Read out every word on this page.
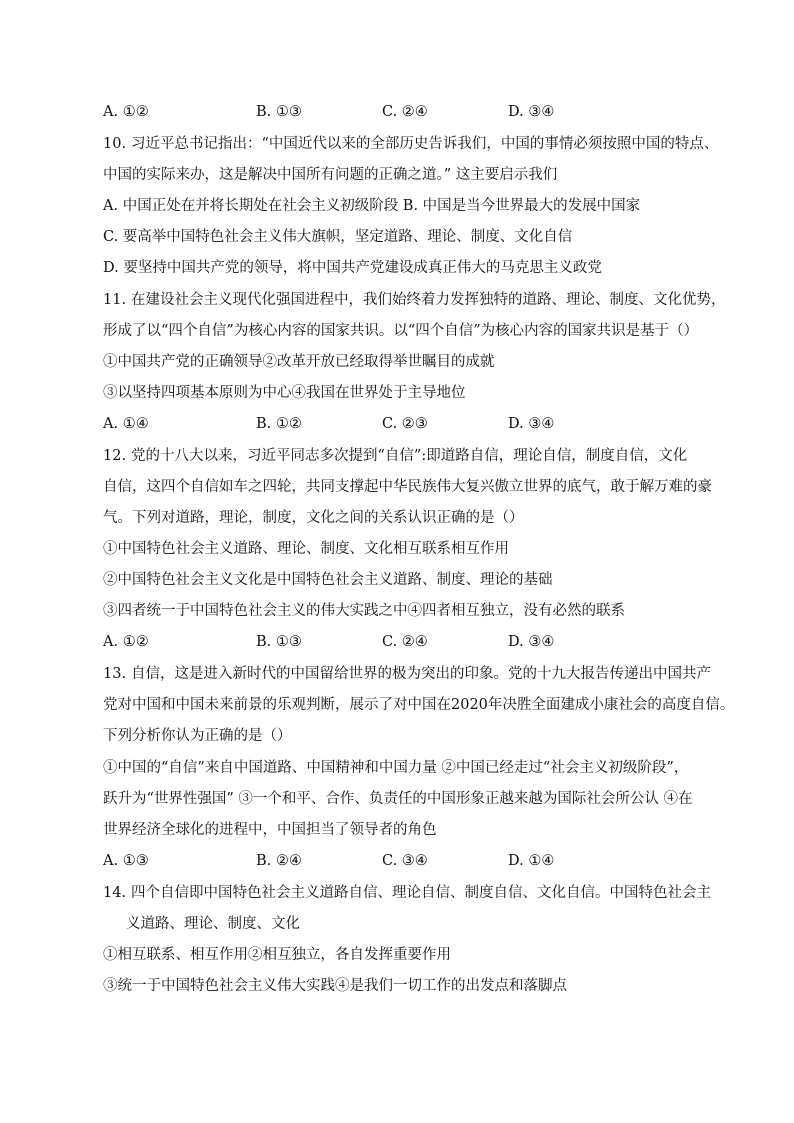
A. ①②	B. ①③	C. ②④	D. ③④
10. 习近平总书记指出：“中国近代以来的全部历史告诉我们，中国的事情必须按照中国的特点、
中国的实际来办，这是解决中国所有问题的正确之道。” 这主要启示我们
A. 中国正处在并将长期处在社会主义初级阶段 B. 中国是当今世界最大的发展中国家
C. 要高举中国特色社会主义伟大旗帜，坚定道路、理论、制度、文化自信
D. 要坚持中国共产党的领导，将中国共产党建设成真正伟大的马克思主义政党
11. 在建设社会主义现代化强国进程中，我们始终着力发挥独特的道路、理论、制度、文化优势，
形成了以“四个自信”为核心内容的国家共识。以“四个自信”为核心内容的国家共识是基于（）
①中国共产党的正确领导②改革开放已经取得举世瞩目的成就
③以坚持四项基本原则为中心④我国在世界处于主导地位
A. ①④	B. ①②	C. ②③	D. ③④
12. 党的十八大以来，习近平同志多次提到“自信”:即道路自信，理论自信，制度自信，文化
自信，这四个自信如车之四轮，共同支撑起中华民族伟大复兴傲立世界的底气，敢于解万难的豪
气。下列对道路，理论，制度，文化之间的关系认识正确的是（）
①中国特色社会主义道路、理论、制度、文化相互联系相互作用
②中国特色社会主义文化是中国特色社会主义道路、制度、理论的基础
③四者统一于中国特色社会主义的伟大实践之中④四者相互独立，没有必然的联系
A. ①②	B. ①③	C. ②④	D. ③④
13. 自信，这是进入新时代的中国留给世界的极为突出的印象。党的十九大报告传递出中国共产
党对中国和中国未来前景的乐观判断，展示了对中国在2020年决胜全面建成小康社会的高度自信。
下列分析你认为正确的是（）
①中国的“自信”来自中国道路、中国精神和中国力量 ②中国已经走过“社会主义初级阶段”，
跃升为“世界性强国” ③一个和平、合作、负责任的中国形象正越来越为国际社会所公认 ④在
世界经济全球化的进程中，中国担当了领导者的角色
A. ①③	B. ②④	C. ③④	D. ①④
14. 四个自信即中国特色社会主义道路自信、理论自信、制度自信、文化自信。中国特色社会主
义道路、理论、制度、文化
①相互联系、相互作用②相互独立，各自发挥重要作用
③统一于中国特色社会主义伟大实践④是我们一切工作的出发点和落脚点
